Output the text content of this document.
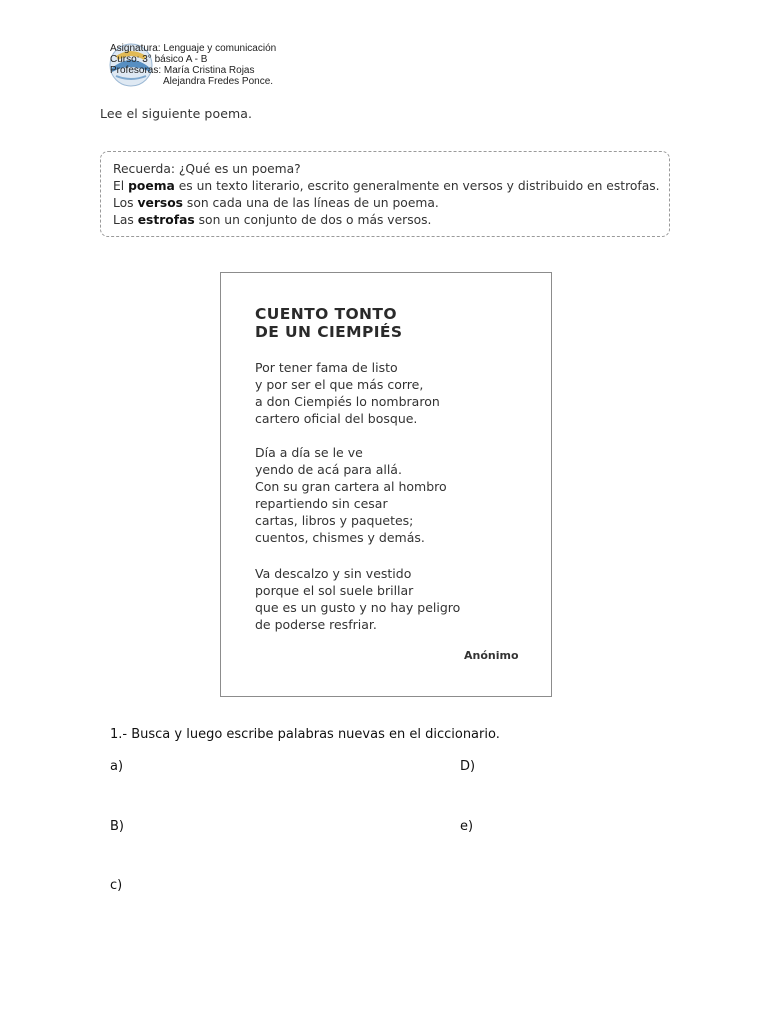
Asignatura: Lenguaje y comunicación
Curso: 3° básico A - B
Profesoras: María Cristina Rojas
Alejandra Fredes Ponce.
Lee el siguiente poema.
Recuerda: ¿Qué es un poema?
El poema es un texto literario, escrito generalmente en versos y distribuido en estrofas.
Los versos son cada una de las líneas de un poema.
Las estrofas son un conjunto de dos o más versos.
CUENTO TONTO
DE UN CIEMPIÉS
Por tener fama de listo
y por ser el que más corre,
a don Ciempiés lo nombraron
cartero oficial del bosque.
Día a día se le ve
yendo de acá para allá.
Con su gran cartera al hombro
repartiendo sin cesar
cartas, libros y paquetes;
cuentos, chismes y demás.
Va descalzo y sin vestido
porque el sol suele brillar
que es un gusto y no hay peligro
de poderse resfriar.
Anónimo
1.- Busca y luego escribe palabras nuevas en el diccionario.
a)	D)
B)	e)
c)
